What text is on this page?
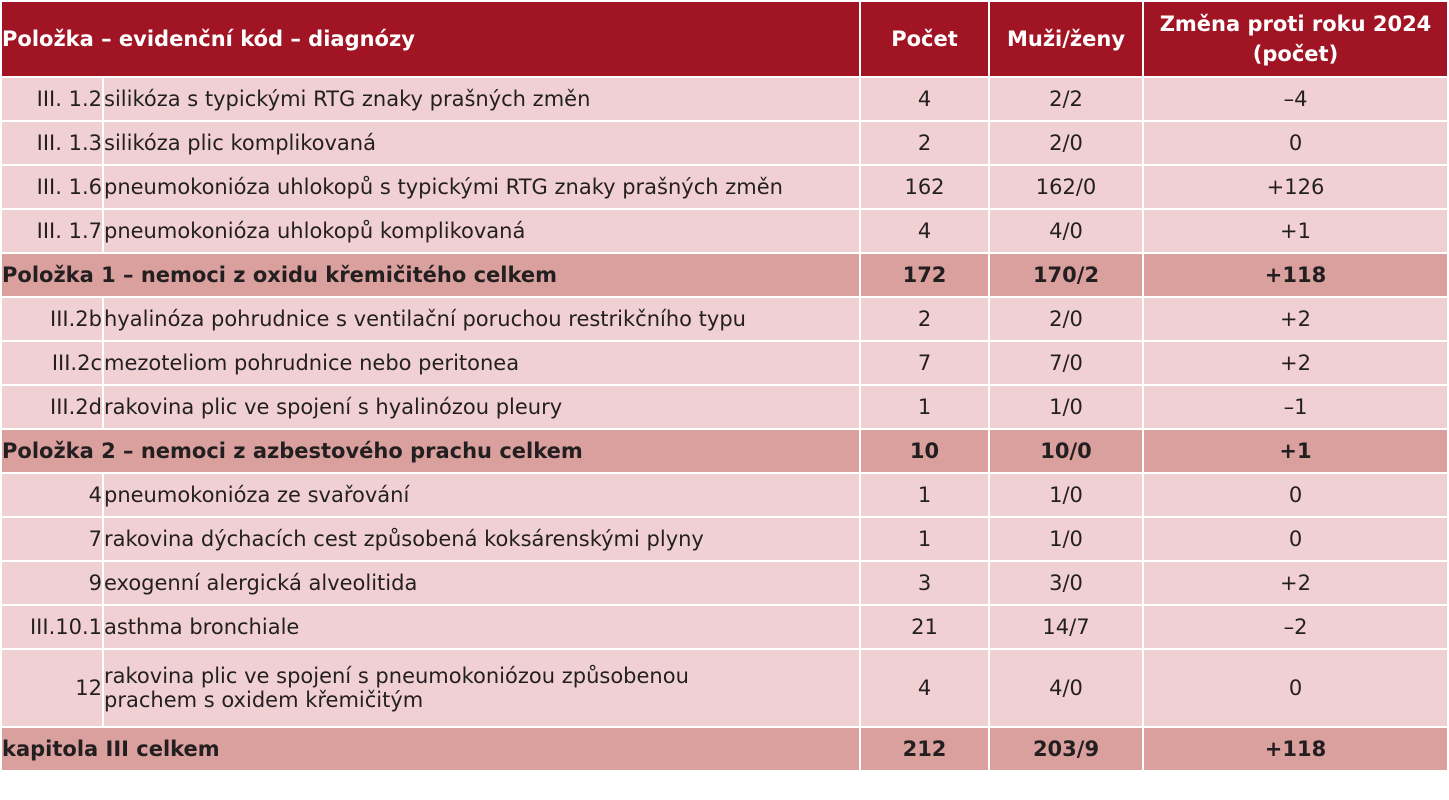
Položka – evidenční kód – diagnózy		Počet	Muži/ženy	Změna proti roku 2024
(počet)
III. 1.2	silikóza s typickými RTG znaky prašných změn	4	2/2	–4
III. 1.3	silikóza plic komplikovaná	2	2/0	0
III. 1.6	pneumokonióza uhlokopů s typickými RTG znaky prašných změn	162	162/0	+126
III. 1.7	pneumokonióza uhlokopů komplikovaná	4	4/0	+1
Položka 1 – nemoci z oxidu křemičitého celkem		172	170/2	+118
III.2b	hyalinóza pohrudnice s ventilační poruchou restrikčního typu	2	2/0	+2
III.2c	mezoteliom pohrudnice nebo peritonea	7	7/0	+2
III.2d	rakovina plic ve spojení s hyalinózou pleury	1	1/0	–1
Položka 2 – nemoci z azbestového prachu celkem		10	10/0	+1
4	pneumokonióza ze svařování	1	1/0	0
7	rakovina dýchacích cest způsobená koksárenskými plyny	1	1/0	0
9	exogenní alergická alveolitida	3	3/0	+2
III.10.1	asthma bronchiale	21	14/7	–2
12	rakovina plic ve spojení s pneumokoniózou způsobenou
prachem s oxidem křemičitým	4	4/0	0
kapitola III celkem		212	203/9	+118
